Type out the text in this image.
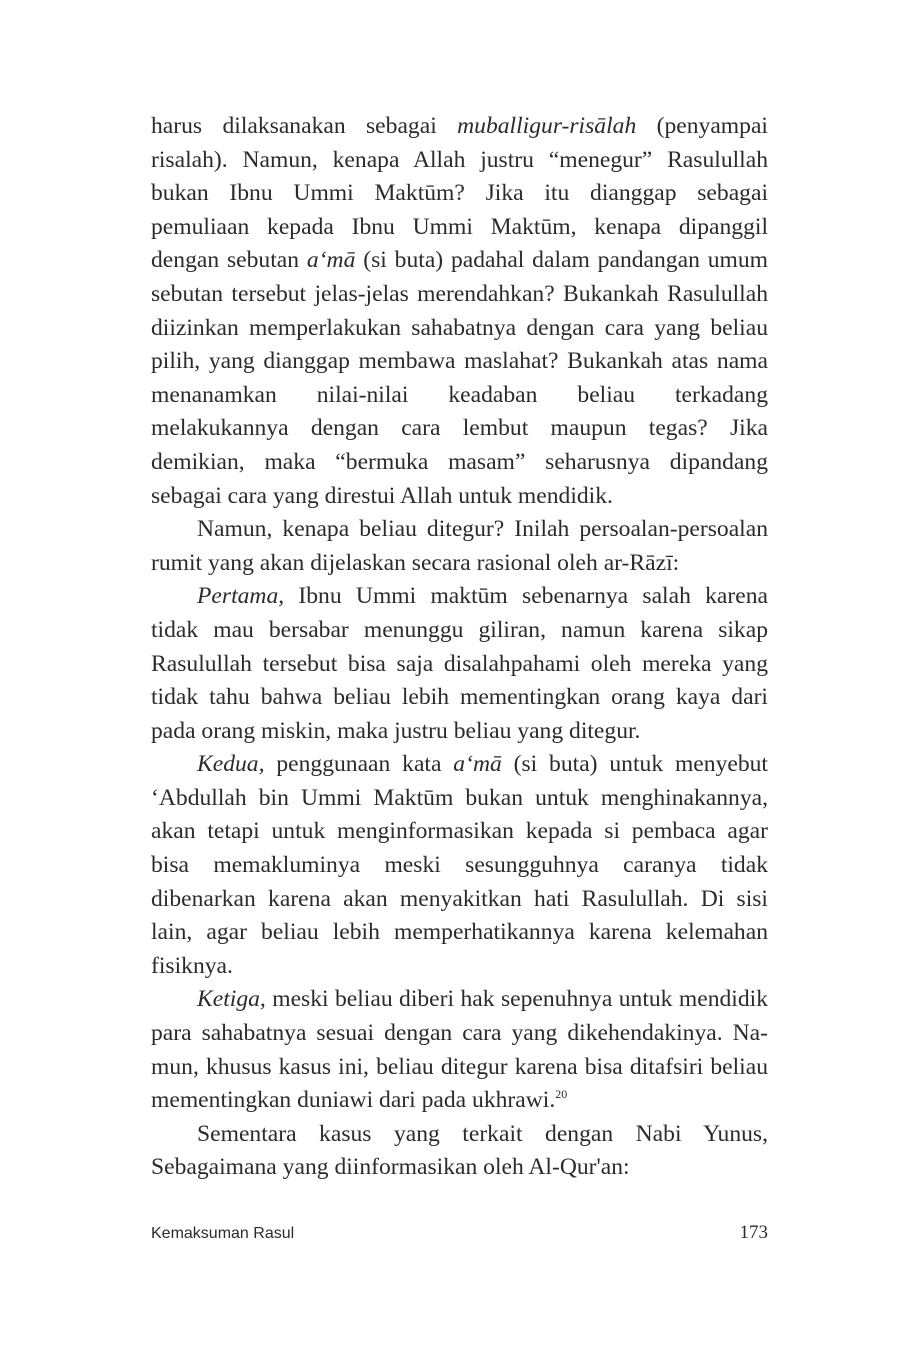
harus dilaksanakan sebagai muballigur-risālah (penyampai risalah). Namun, kenapa Allah justru “menegur” Rasulullah bukan Ibnu Ummi Maktūm? Jika itu dianggap sebagai pemuliaan kepada Ibnu Ummi Maktūm, kenapa dipanggil dengan sebutan a‘mā (si buta) padahal dalam pandangan umum sebutan tersebut jelas-jelas merendahkan? Bukankah Rasulullah diizinkan memperlakukan sahabatnya dengan cara yang beliau pilih, yang dianggap membawa maslahat? Bukankah atas nama menanamkan nilai-nilai keadaban beliau terkadang melakukannya dengan cara lembut maupun tegas? Jika demikian, maka “bermuka masam” seharusnya dipandang sebagai cara yang direstui Allah untuk mendidik.

Namun, kenapa beliau ditegur? Inilah persoalan-persoalan rumit yang akan dijelaskan secara rasional oleh ar-Rāzī:

Pertama, Ibnu Ummi maktūm sebenarnya salah karena tidak mau bersabar menunggu giliran, namun karena sikap Rasulullah tersebut bisa saja disalahpahami oleh mereka yang tidak tahu bahwa beliau lebih mementingkan orang kaya dari pada orang miskin, maka justru beliau yang ditegur.

Kedua, penggunaan kata a‘mā (si buta) untuk menyebut ‘Abdullah bin Ummi Maktūm bukan untuk menghinakannya, akan tetapi untuk menginformasikan kepada si pembaca agar bisa memakluminya meski sesungguhnya caranya tidak dibenarkan karena akan menyakitkan hati Rasulullah. Di sisi lain, agar beliau lebih memperhatikannya karena kelemahan fisiknya.

Ketiga, meski beliau diberi hak sepenuhnya untuk mendidik para sahabatnya sesuai dengan cara yang dikehendakinya. Na-mun, khusus kasus ini, beliau ditegur karena bisa ditafsiri beliau mementingkan duniawi dari pada ukhrawi.$^{20}$

Sementara kasus yang terkait dengan Nabi Yunus, Sebagaimana yang diinformasikan oleh Al-Qur'an:

Kemaksuman Rasul	173
